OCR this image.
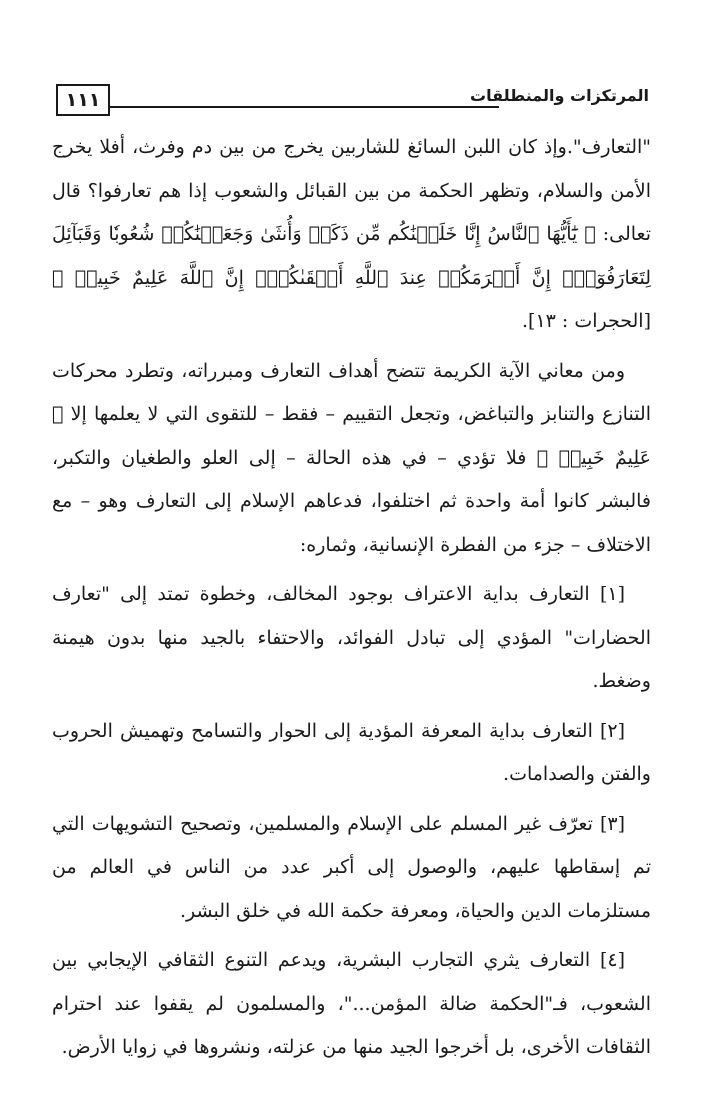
١١١	المرتكزات والمنطلقات

"التعارف".وإذ كان اللبن السائغ للشاربين يخرج من بين دم وفرث، أفلا يخرج الأمن والسلام، وتظهر الحكمة من بين القبائل والشعوب إذا هم تعارفوا؟ قال تعالى: ﴿ يَٰٓأَيُّهَا ٱلنَّاسُ إِنَّا خَلَقۡنَٰكُم مِّن ذَكَرٖ وَأُنثَىٰ وَجَعَلۡنَٰكُمۡ شُعُوبٗا وَقَبَآئِلَ لِتَعَارَفُوٓاْۚ إِنَّ أَكۡرَمَكُمۡ عِندَ ٱللَّهِ أَتۡقَىٰكُمۡۚ إِنَّ ٱللَّهَ عَلِيمٌ خَبِيرٞ ﴾ [الحجرات : ١٣].

ومن معاني الآية الكريمة تتضح أهداف التعارف ومبرراته، وتطرد محركات التنازع والتنابز والتباغض، وتجعل التقييم – فقط – للتقوى التي لا يعلمها إلا ﴿ عَلِيمٌ خَبِيرٞ ﴾ فلا تؤدي – في هذه الحالة – إلى العلو والطغيان والتكبر، فالبشر كانوا أمة واحدة ثم اختلفوا، فدعاهم الإسلام إلى التعارف وهو – مع الاختلاف – جزء من الفطرة الإنسانية، وثماره:

[١] التعارف بداية الاعتراف بوجود المخالف، وخطوة تمتد إلى "تعارف الحضارات" المؤدي إلى تبادل الفوائد، والاحتفاء بالجيد منها بدون هيمنة وضغط.

[٢] التعارف بداية المعرفة المؤدية إلى الحوار والتسامح وتهميش الحروب والفتن والصدامات.

[٣] تعرّف غير المسلم على الإسلام والمسلمين، وتصحيح التشويهات التي تم إسقاطها عليهم، والوصول إلى أكبر عدد من الناس في العالم من مستلزمات الدين والحياة، ومعرفة حكمة الله في خلق البشر.

[٤] التعارف يثري التجارب البشرية، ويدعم التنوع الثقافي الإيجابي بين الشعوب، فـ"الحكمة ضالة المؤمن..."، والمسلمون لم يقفوا عند احترام الثقافات الأخرى، بل أخرجوا الجيد منها من عزلته، ونشروها في زوايا الأرض.
